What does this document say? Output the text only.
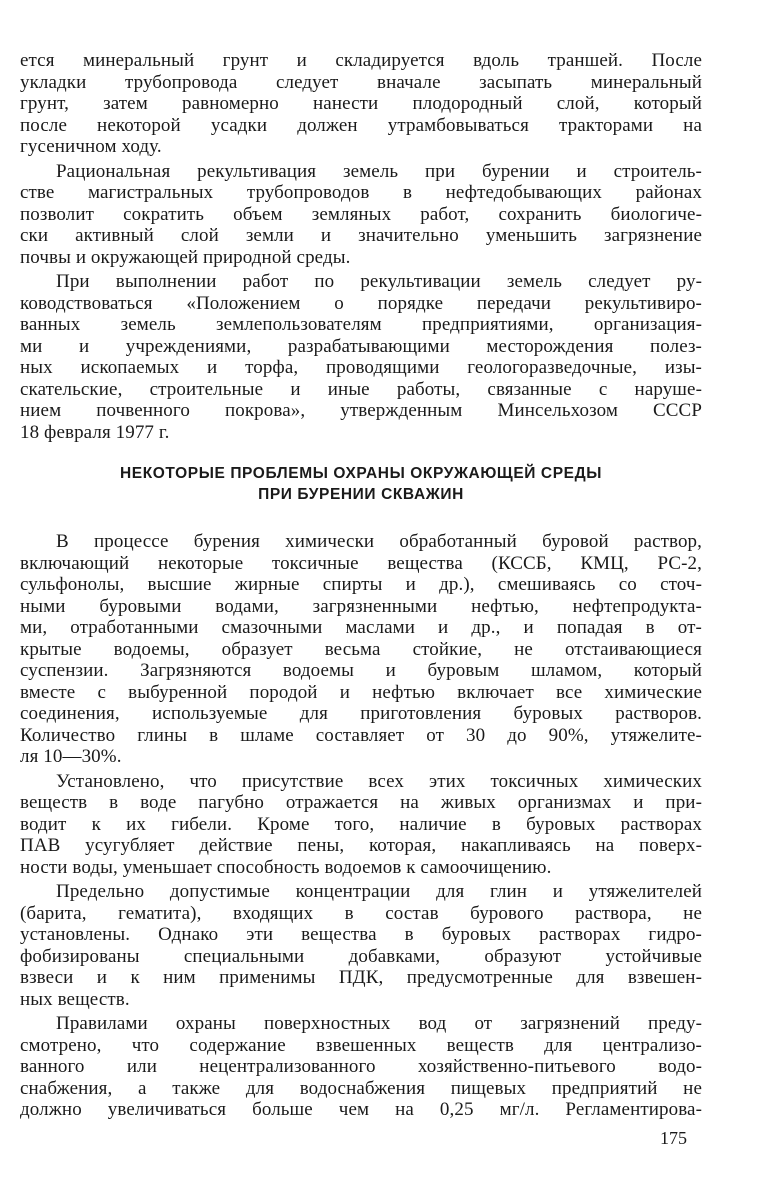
ется минеральный грунт и складируется вдоль траншей. После
укладки трубопровода следует вначале засыпать минеральный
грунт, затем равномерно нанести плодородный слой, который
после некоторой усадки должен утрамбовываться тракторами на
гусеничном ходу.
Рациональная рекультивация земель при бурении и строитель-
стве магистральных трубопроводов в нефтедобывающих районах
позволит сократить объем земляных работ, сохранить биологиче-
ски активный слой земли и значительно уменьшить загрязнение
почвы и окружающей природной среды.
При выполнении работ по рекультивации земель следует ру-
ководствоваться «Положением о порядке передачи рекультивиро-
ванных земель землепользователям предприятиями, организация-
ми и учреждениями, разрабатывающими месторождения полез-
ных ископаемых и торфа, проводящими геологоразведочные, изы-
скательские, строительные и иные работы, связанные с наруше-
нием почвенного покрова», утвержденным Минсельхозом СССР
18 февраля 1977 г.
НЕКОТОРЫЕ ПРОБЛЕМЫ ОХРАНЫ ОКРУЖАЮЩЕЙ СРЕДЫ
ПРИ БУРЕНИИ СКВАЖИН
В процессе бурения химически обработанный буровой раствор,
включающий некоторые токсичные вещества (КССБ, КМЦ, РС-2,
сульфонолы, высшие жирные спирты и др.), смешиваясь со сточ-
ными буровыми водами, загрязненными нефтью, нефтепродукта-
ми, отработанными смазочными маслами и др., и попадая в от-
крытые водоемы, образует весьма стойкие, не отстаивающиеся
суспензии. Загрязняются водоемы и буровым шламом, который
вместе с выбуренной породой и нефтью включает все химические
соединения, используемые для приготовления буровых растворов.
Количество глины в шламе составляет от 30 до 90%, утяжелите-
ля 10—30%.
Установлено, что присутствие всех этих токсичных химических
веществ в воде пагубно отражается на живых организмах и при-
водит к их гибели. Кроме того, наличие в буровых растворах
ПАВ усугубляет действие пены, которая, накапливаясь на поверх-
ности воды, уменьшает способность водоемов к самоочищению.
Предельно допустимые концентрации для глин и утяжелителей
(барита, гематита), входящих в состав бурового раствора, не
установлены. Однако эти вещества в буровых растворах гидро-
фобизированы специальными добавками, образуют устойчивые
взвеси и к ним применимы ПДК, предусмотренные для взвешен-
ных веществ.
Правилами охраны поверхностных вод от загрязнений преду-
смотрено, что содержание взвешенных веществ для централизо-
ванного или нецентрализованного хозяйственно-питьевого водо-
снабжения, а также для водоснабжения пищевых предприятий не
должно увеличиваться больше чем на 0,25 мг/л. Регламентирова-
175
